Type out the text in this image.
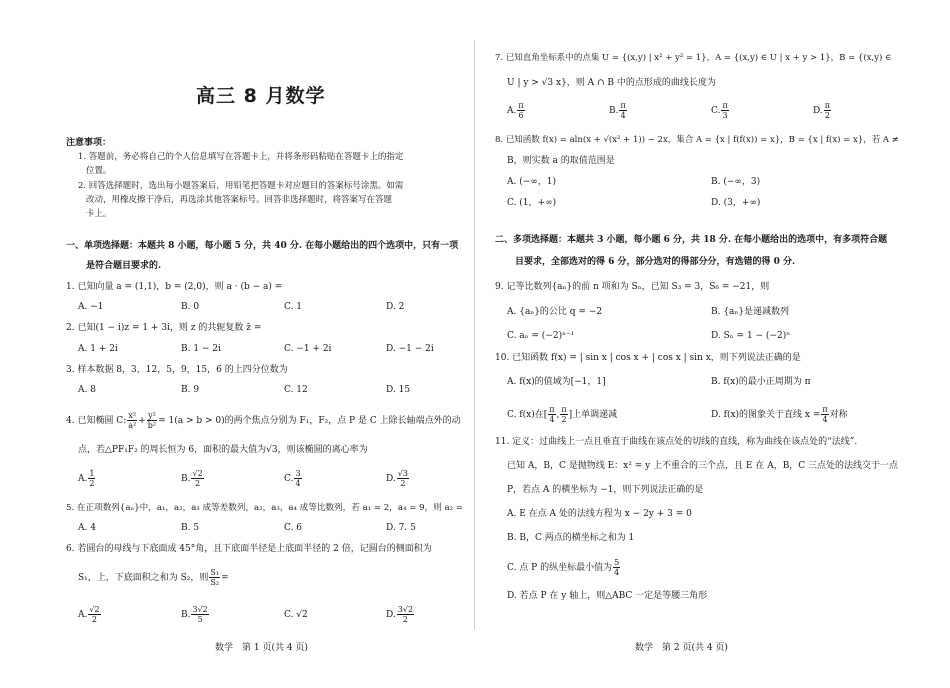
高三 8 月数学
注意事项：
1. 答题前，务必将自己的个人信息填写在答题卡上，并将条形码粘贴在答题卡上的指定
位置。
2. 回答选择题时，选出每小题答案后，用铅笔把答题卡对应题目的答案标号涂黑。如需
改动，用橡皮擦干净后，再选涂其他答案标号。回答非选择题时，将答案写在答题
卡上。
一、单项选择题：本题共 8 小题，每小题 5 分，共 40 分. 在每小题给出的四个选项中，只有一项
是符合题目要求的.
1. 已知向量 a = (1,1)，b = (2,0)，则 a · (b − a) =
A. −1	B. 0	C. 1	D. 2
2. 已知(1 − i)z = 1 + 3i，则 z 的共轭复数 z̄ =
A. 1 + 2i	B. 1 − 2i	C. −1 + 2i	D. −1 − 2i
3. 样本数据 8，3，12，5，9，15，6 的上四分位数为
A. 8	B. 9	C. 12	D. 15
4. 已知椭圆 C: $\frac{\text{x²}}{\text{a²}} + \frac{\text{y²}}{\text{b²}} = 1(a > b > 0)$的两个焦点分别为 F₁，F₂，点 P 是 C 上除长轴端点外的动
点，若△PF₁F₂ 的周长恒为 6，面积的最大值为√3，则该椭圆的离心率为
A. $\frac{1}{2}$	B. $\frac{√2}{2}$	C. $\frac{3}{4}$	D. $\frac{√3}{2}$
5. 在正项数列{aₙ}中，a₁，a₂，a₃ 成等差数列，a₂，a₃，a₄ 成等比数列，若 a₁ = 2，a₄ = 9，则 a₂ =
A. 4	B. 5	C. 6	D. 7. 5
6. 若圆台的母线与下底面成 45°角，且下底面半径是上底面半径的 2 倍，记圆台的侧面积为
S₁，上，下底面积之和为 S₂，则 $\frac{\text{S₁}}{\text{S₂}}$ =
A. $\frac{√2}{2}$	B. $\frac{3√2}{5}$	C. √2	D. $\frac{3√2}{2}$
数学　第 1 页(共 4 页)
7. 已知直角坐标系中的点集 U = {(x,y) | x² + y² = 1}，A = {(x,y) ∈ U | x + y > 1}，B = {(x,y) ∈
U | y > √3 x}，则 A ∩ B 中的点形成的曲线长度为
A. $\frac{\pi}{6}$	B. $\frac{\pi}{4}$	C. $\frac{\pi}{3}$	D. $\frac{\pi}{2}$
8. 已知函数 f(x) = aln(x + √(x² + 1)) − 2x，集合 A = {x | f(f(x)) = x}，B = {x | f(x) = x}，若 A ≠
B，则实数 a 的取值范围是
A. (−∞，1)	B. (−∞，3)
C. (1，+∞)	D. (3，+∞)
二、多项选择题：本题共 3 小题，每小题 6 分，共 18 分. 在每小题给出的选项中，有多项符合题
目要求，全部选对的得 6 分，部分选对的得部分分，有选错的得 0 分.
9. 记等比数列{aₙ}的前 n 项和为 Sₙ，已知 S₃ = 3，S₆ = −21，则
A. {aₙ}的公比 q = −2	B. {aₙ}是递减数列
C. aₙ = (−2)ⁿ⁻¹	D. Sₙ = 1 − (−2)ⁿ
10. 已知函数 f(x) = | sin x | cos x + | cos x | sin x，则下列说法正确的是
A. f(x)的值域为[−1，1]	B. f(x)的最小正周期为 π
C. f(x)在[ $\frac{\pi}{4}$ , $\frac{\pi}{2}$ ]上单调递减	D. f(x)的图象关于直线 $x = \frac{\pi}{4}$ 对称
11. 定义：过曲线上一点且垂直于曲线在该点处的切线的直线，称为曲线在该点处的“法线”.
已知 A，B，C 是抛物线 E：x² = y 上不重合的三个点，且 E 在 A，B，C 三点处的法线交于一点
P，若点 A 的横坐标为 −1，则下列说法正确的是
A. E 在点 A 处的法线方程为 x − 2y + 3 = 0
B. B，C 两点的横坐标之和为 1
C. 点 P 的纵坐标最小值为 $\frac{5}{4}$
D. 若点 P 在 y 轴上，则△ABC 一定是等腰三角形
数学　第 2 页(共 4 页)
